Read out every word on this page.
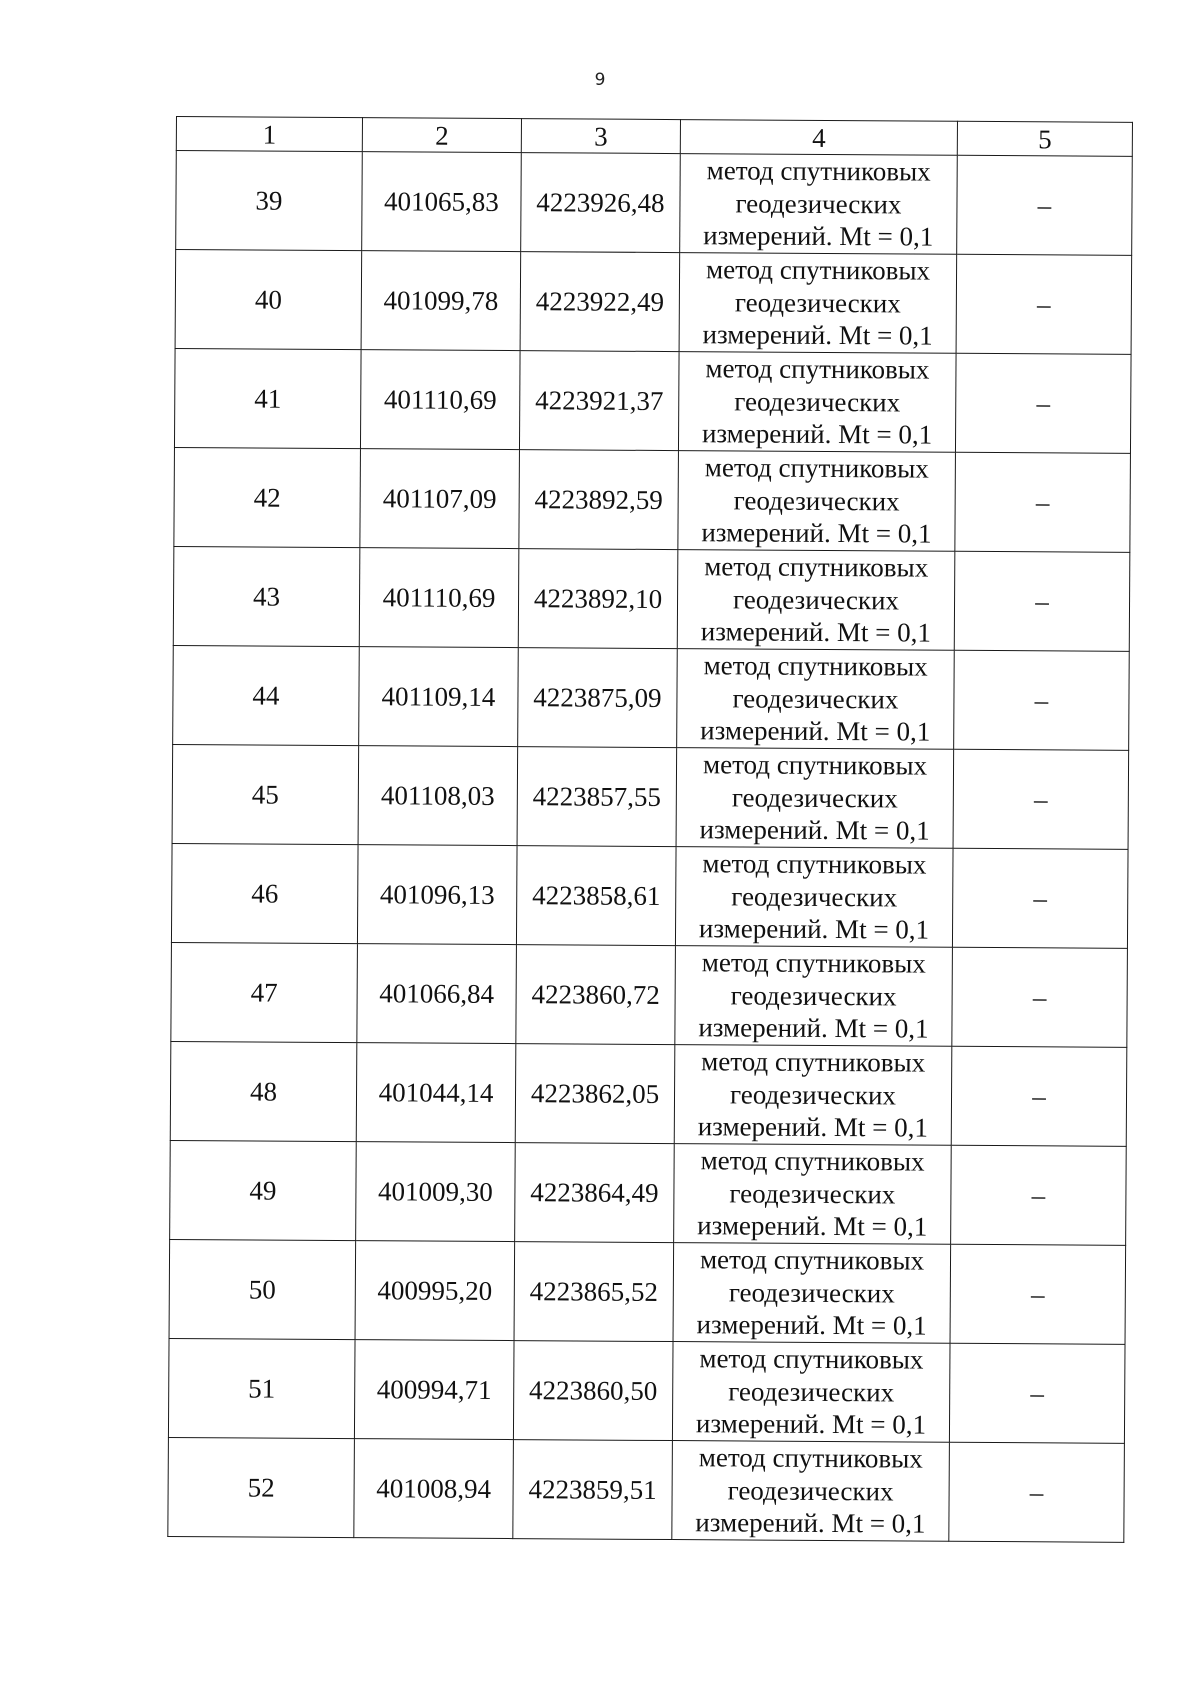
9
1	2	3	4	5
39	401065,83	4223926,48	метод спутниковых
геодезических
измерений. Mt = 0,1	–
40	401099,78	4223922,49	метод спутниковых
геодезических
измерений. Mt = 0,1	–
41	401110,69	4223921,37	метод спутниковых
геодезических
измерений. Mt = 0,1	–
42	401107,09	4223892,59	метод спутниковых
геодезических
измерений. Mt = 0,1	–
43	401110,69	4223892,10	метод спутниковых
геодезических
измерений. Mt = 0,1	–
44	401109,14	4223875,09	метод спутниковых
геодезических
измерений. Mt = 0,1	–
45	401108,03	4223857,55	метод спутниковых
геодезических
измерений. Mt = 0,1	–
46	401096,13	4223858,61	метод спутниковых
геодезических
измерений. Mt = 0,1	–
47	401066,84	4223860,72	метод спутниковых
геодезических
измерений. Mt = 0,1	–
48	401044,14	4223862,05	метод спутниковых
геодезических
измерений. Mt = 0,1	–
49	401009,30	4223864,49	метод спутниковых
геодезических
измерений. Mt = 0,1	–
50	400995,20	4223865,52	метод спутниковых
геодезических
измерений. Mt = 0,1	–
51	400994,71	4223860,50	метод спутниковых
геодезических
измерений. Mt = 0,1	–
52	401008,94	4223859,51	метод спутниковых
геодезических
измерений. Mt = 0,1	–
